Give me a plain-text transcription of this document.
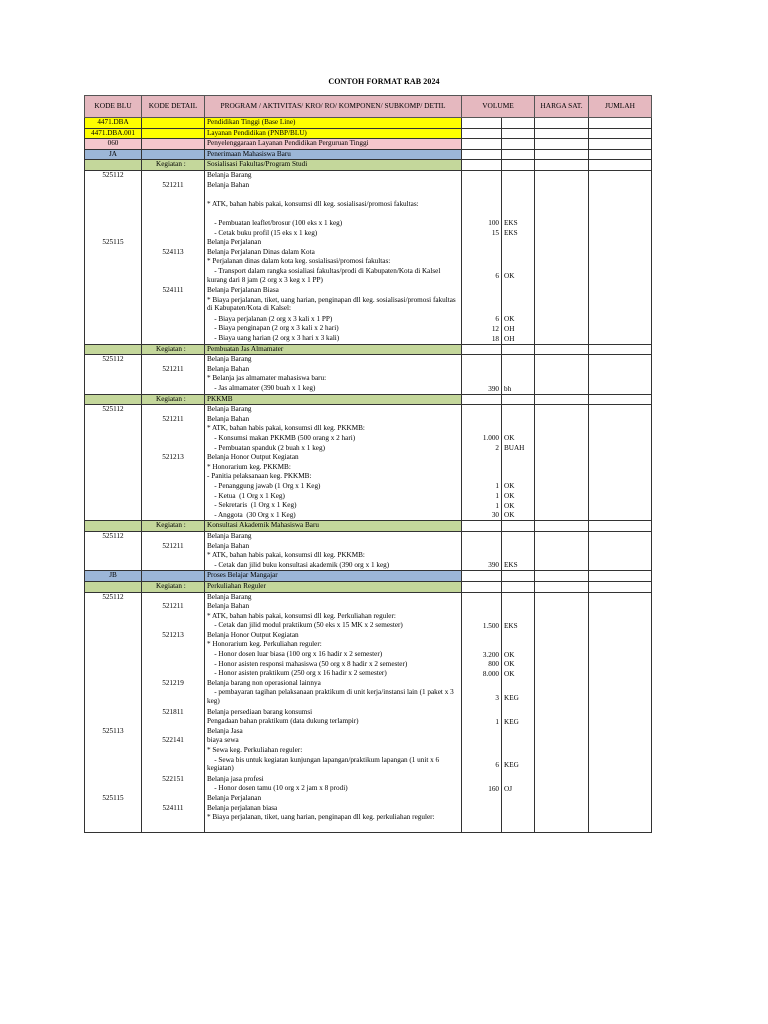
CONTOH FORMAT RAB 2024
KODE BLU	KODE DETAIL	PROGRAM / AKTIVITAS/ KRO/ RO/ KOMPONEN/ SUBKOMP/ DETIL	VOLUME		HARGA SAT.	JUMLAH
4471.DBA		Pendidikan Tinggi (Base Line)				
4471.DBA.001		Layanan Pendidikan (PNBP/BLU)				
060		Penyelenggaraan Layanan Pendidikan Perguruan Tinggi				
JA		Penerimaan Mahasiswa Baru				
	Kegiatan :	Sosialisasi Fakultas/Program Studi				
525112		Belanja Barang				
	521211	Belanja Bahan				

		* ATK, bahan habis pakai, konsumsi dll keg. sosialisasi/promosi fakultas:				

		- Pembuatan leaflet/brosur (100 eks x 1 keg)	100	EKS		
		- Cetak buku profil (15 eks x 1 keg)	15	EKS		
525115		Belanja Perjalanan				
	524113	Belanja Perjalanan Dinas dalam Kota				
		* Perjalanan dinas dalam kota keg. sosialisasi/promosi fakultas:				
		- Transport dalam rangka sosialiasi fakultas/prodi di Kabupaten/Kota di Kalsel kurang dari 8 jam (2 org x 3 keg x 1 PP)	6	OK		
	524111	Belanja Perjalanan Biasa				
		* Biaya perjalanan, tiket, uang harian, penginapan dll keg. sosialisasi/promosi fakultas  di Kabupaten/Kota di Kalsel:				
		- Biaya perjalanan (2 org x 3 kali x 1 PP)	6	OK		
		- Biaya penginapan (2 org x 3 kali x 2 hari)	12	OH		
		- Biaya uang harian (2 org x 3 hari x 3 kali)	18	OH		
	Kegiatan :	Pembuatan Jas Almamater				
525112		Belanja Barang				
	521211	Belanja Bahan				
		* Belanja jas almamater mahasiswa baru:				
		- Jas almamater (390 buah x 1 keg)	390	bh		
	Kegiatan :	PKKMB				
525112		Belanja Barang				
	521211	Belanja Bahan				
		* ATK, bahan habis pakai, konsumsi dll keg. PKKMB:				
		- Konsumsi makan PKKMB (500 orang x 2 hari)	1.000	OK		
		- Pembuatan spanduk (2 buah x 1 keg)	2	BUAH		
	521213	Belanja Honor Output Kegiatan				
		* Honorarium keg. PKKMB:				
		- Panitia pelaksanaan keg. PKKMB:				
		- Penanggung jawab (1 Org x 1 Keg)	1	OK		
		- Ketua  (1 Org x 1 Keg)	1	OK		
		- Sekretaris  (1 Org x 1 Keg)	1	OK		
		- Anggota  (30 Org x 1 Keg)	30	OK		
	Kegiatan :	Konsultasi Akademik Mahasiswa Baru				
525112		Belanja Barang				
	521211	Belanja Bahan				
		* ATK, bahan habis pakai, konsumsi dll keg. PKKMB:				
		- Cetak dan jilid buku konsultasi akademik (390 org x 1 keg)	390	EKS		
JB		Proses Belajar Mangajar				
	Kegiatan :	Perkuliahan Reguler				
525112		Belanja Barang				
	521211	Belanja Bahan				
		* ATK, bahan habis pakai, konsumsi dll keg. Perkuliahan reguler:				
		- Cetak dan jilid modul praktikum (50 eks x 15 MK x 2 semester)	1.500	EKS		
	521213	Belanja Honor Output Kegiatan				
		* Honorarium keg. Perkuliahan reguler:				
		- Honor dosen luar biasa (100 org x 16 hadir x 2 semester)	3.200	OK		
		- Honor asisten responsi mahasiswa (50 org x 8 hadir x 2 semester)	800	OK		
		- Honor asisten praktikum (250 org x 16 hadir x 2 semester)	8.000	OK		
	521219	Belanja barang non operasional lainnya				
		- pembayaran tagihan pelaksanaan praktikum di unit kerja/instansi lain (1 paket x 3 keg)	3	KEG		
	521811	Belanja persediaan barang konsumsi				
		Pengadaan bahan praktikum (data dukung terlampir)	1	KEG		
525113		Belanja Jasa				
	522141	biaya sewa				
		* Sewa keg. Perkuliahan reguler:				
		- Sewa bis untuk kegiatan kunjungan lapangan/praktikum lapangan (1 unit x 6 kegiatan)	6	KEG		
	522151	Belanja jasa profesi				
		- Honor dosen tamu (10 org x 2 jam x 8 prodi)	160	OJ		
525115		Belanja Perjalanan				
	524111	Belanja perjalanan biasa				
		* Biaya perjalanan, tiket, uang harian, penginapan dll keg. perkuliahan reguler:				
